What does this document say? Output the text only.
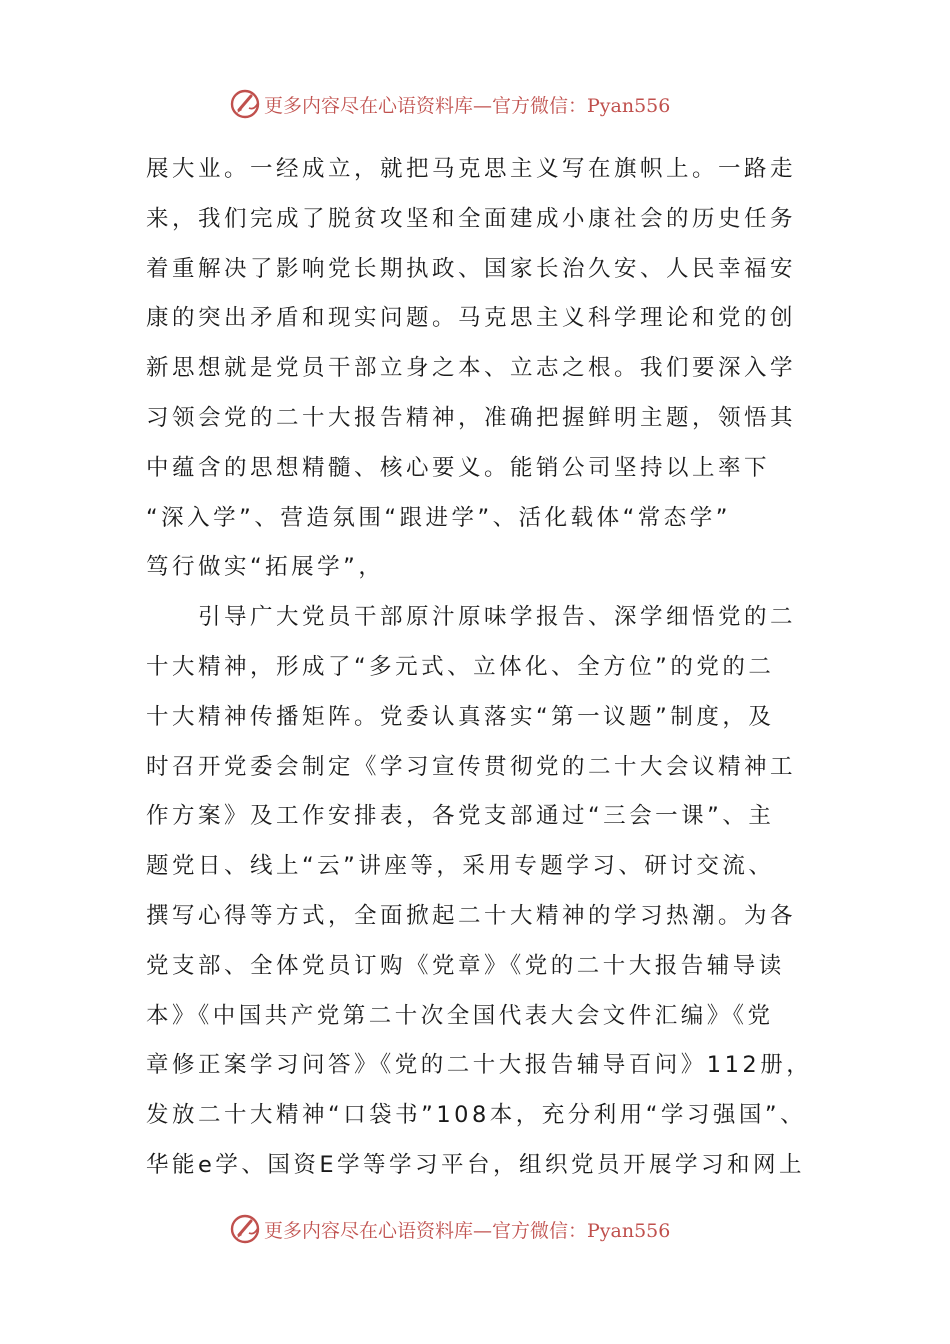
更多内容尽在心语资料库—官方微信：Pyan556
展大业。一经成立，就把马克思主义写在旗帜上。一路走
来，我们完成了脱贫攻坚和全面建成小康社会的历史任务
着重解决了影响党长期执政、国家长治久安、人民幸福安
康的突出矛盾和现实问题。马克思主义科学理论和党的创
新思想就是党员干部立身之本、立志之根。我们要深入学
习领会党的二十大报告精神，准确把握鲜明主题，领悟其
中蕴含的思想精髓、核心要义。能销公司坚持以上率下
“深入学”、营造氛围“跟进学”、活化载体“常态学”
笃行做实“拓展学”，
引导广大党员干部原汁原味学报告、深学细悟党的二
十大精神，形成了“多元式、立体化、全方位”的党的二
十大精神传播矩阵。党委认真落实“第一议题”制度，及
时召开党委会制定《学习宣传贯彻党的二十大会议精神工
作方案》及工作安排表，各党支部通过“三会一课”、主
题党日、线上“云”讲座等，采用专题学习、研讨交流、
撰写心得等方式，全面掀起二十大精神的学习热潮。为各
党支部、全体党员订购《党章》《党的二十大报告辅导读
本》《中国共产党第二十次全国代表大会文件汇编》《党
章修正案学习问答》《党的二十大报告辅导百问》112册，
发放二十大精神“口袋书”108本，充分利用“学习强国”、
华能e学、国资E学等学习平台，组织党员开展学习和网上
更多内容尽在心语资料库—官方微信：Pyan556
